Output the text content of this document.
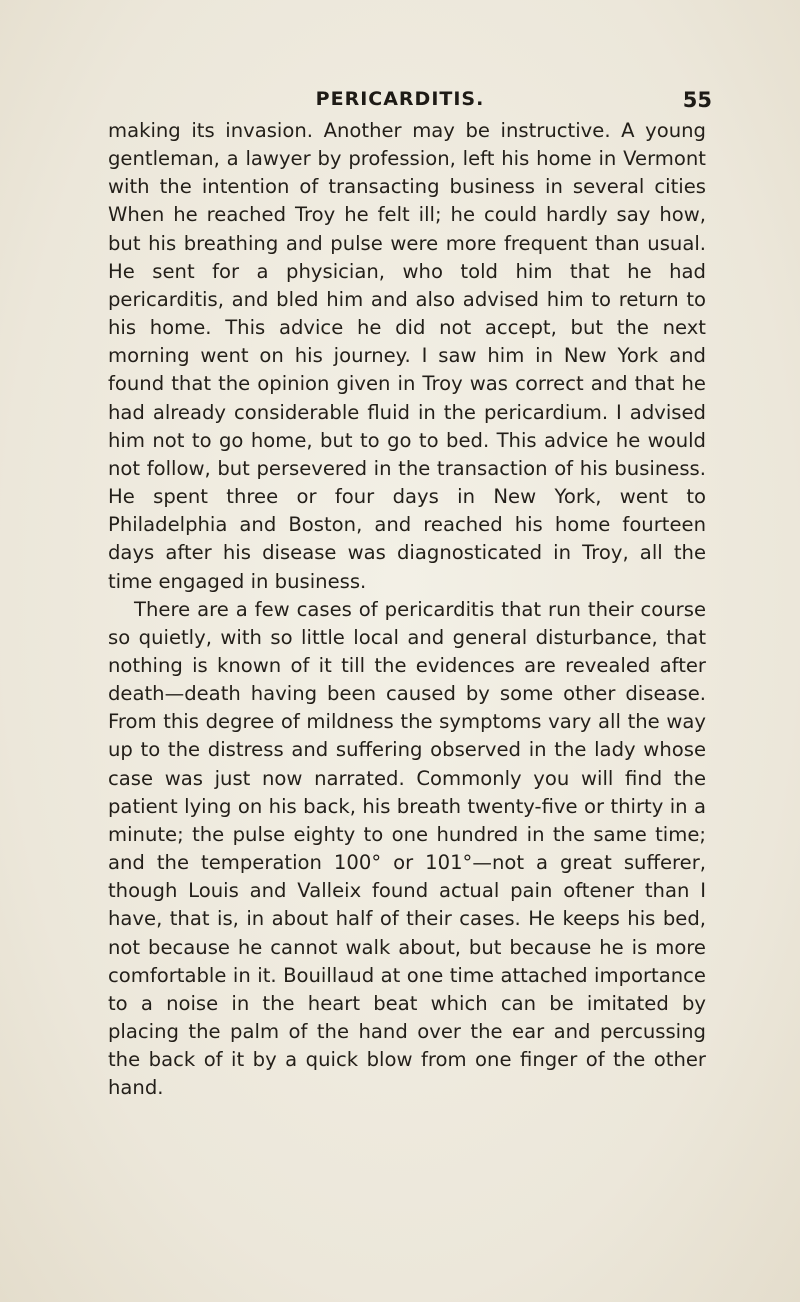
PERICARDITIS.	55

making its invasion. Another may be instructive. A young gentleman, a lawyer by profession, left his home in Vermont with the intention of transacting business in several cities When he reached Troy he felt ill; he could hardly say how, but his breathing and pulse were more frequent than usual. He sent for a physician, who told him that he had pericarditis, and bled him and also advised him to return to his home. This advice he did not accept, but the next morning went on his journey. I saw him in New York and found that the opinion given in Troy was correct and that he had already considerable fluid in the pericardium. I advised him not to go home, but to go to bed. This advice he would not follow, but persevered in the transaction of his business. He spent three or four days in New York, went to Philadelphia and Boston, and reached his home fourteen days after his disease was diagnosticated in Troy, all the time engaged in business.

There are a few cases of pericarditis that run their course so quietly, with so little local and general disturbance, that nothing is known of it till the evidences are revealed after death—death having been caused by some other disease. From this degree of mildness the symptoms vary all the way up to the distress and suffering observed in the lady whose case was just now narrated. Commonly you will find the patient lying on his back, his breath twenty-five or thirty in a minute; the pulse eighty to one hundred in the same time; and the temperation 100° or 101°—not a great sufferer, though Louis and Valleix found actual pain oftener than I have, that is, in about half of their cases. He keeps his bed, not because he cannot walk about, but because he is more comfortable in it. Bouillaud at one time attached importance to a noise in the heart beat which can be imitated by placing the palm of the hand over the ear and percussing the back of it by a quick blow from one finger of the other hand.
